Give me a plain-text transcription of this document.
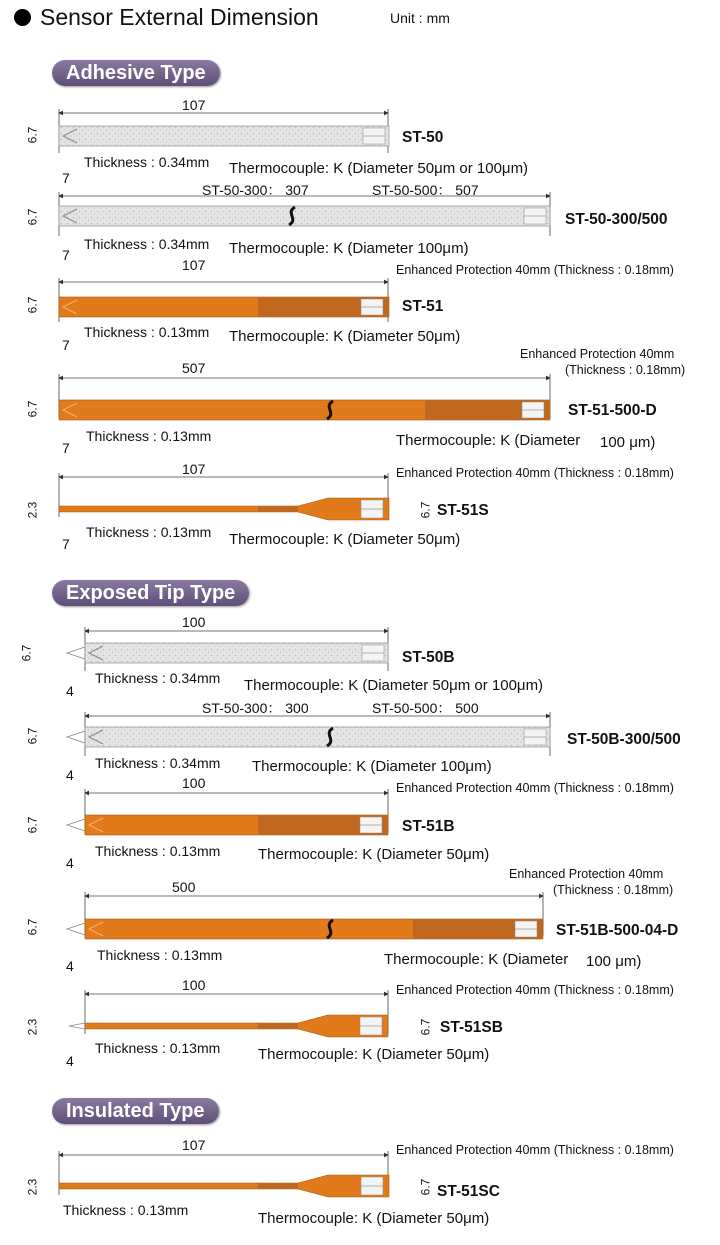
Sensor External Dimension	Unit : mm
Adhesive Type
Exposed Tip Type
Insulated Type
107
ST-50
Thickness : 0.34mm Thermocouple: K (Diameter 50μm or 100μm)
7
6.7
ST-50-300： 307	ST-50-500： 507
ST-50-300/500
Thickness : 0.34mm Thermocouple: K (Diameter 100μm)
7
6.7
107	Enhanced Protection 40mm (Thickness : 0.18mm)
ST-51
Thickness : 0.13mm Thermocouple: K (Diameter 50μm)
7
6.7
507
Enhanced Protection 40mm
(Thickness : 0.18mm)
ST-51-500-D
Thickness : 0.13mm	Thermocouple: K (Diameter 100 μm)
7
6.7
107	Enhanced Protection 40mm (Thickness : 0.18mm)
ST-51S
Thickness : 0.13mm Thermocouple: K (Diameter 50μm)
7
2.3	6.7
100
ST-50B
Thickness : 0.34mm Thermocouple: K (Diameter 50μm or 100μm)
4
6.7
ST-50-300： 300	ST-50-500： 500
ST-50B-300/500
Thickness : 0.34mm Thermocouple: K (Diameter 100μm)
4
6.7
100	Enhanced Protection 40mm (Thickness : 0.18mm)
ST-51B
Thickness : 0.13mm	Thermocouple: K (Diameter 50μm)
4
6.7
500
Enhanced Protection 40mm
(Thickness : 0.18mm)
ST-51B-500-04-D
Thickness : 0.13mm	Thermocouple: K (Diameter 100 μm)
4
6.7
100	Enhanced Protection 40mm (Thickness : 0.18mm)
ST-51SB
Thickness : 0.13mm	Thermocouple: K (Diameter 50μm)
4
2.3	6.7
107	Enhanced Protection 40mm (Thickness : 0.18mm)
ST-51SC
Thickness : 0.13mm	Thermocouple: K (Diameter 50μm)
2.3	6.7
